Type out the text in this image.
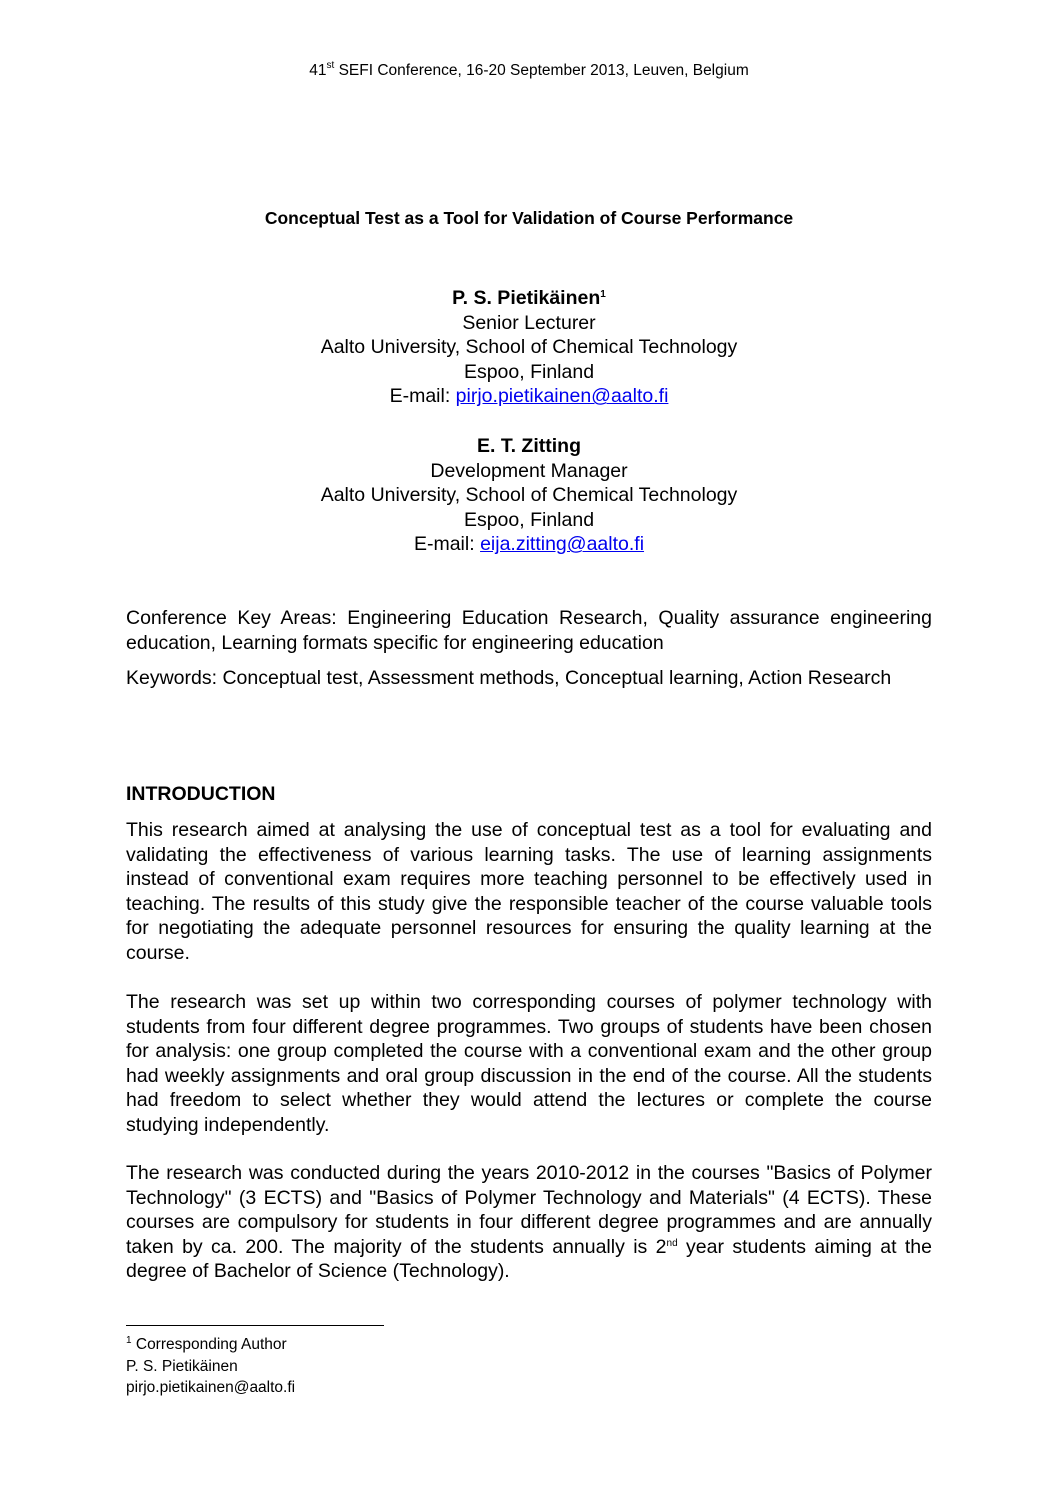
41st SEFI Conference, 16-20 September 2013, Leuven, Belgium
Conceptual Test as a Tool for Validation of Course Performance
P. S. Pietikäinen$^1$
Senior Lecturer
Aalto University, School of Chemical Technology
Espoo, Finland
E-mail: pirjo.pietikainen@aalto.fi
E. T. Zitting
Development Manager
Aalto University, School of Chemical Technology
Espoo, Finland
E-mail: eija.zitting@aalto.fi
Conference Key Areas: Engineering Education Research, Quality assurance engineering education, Learning formats specific for engineering education
Keywords: Conceptual test, Assessment methods, Conceptual learning, Action Research
INTRODUCTION
This research aimed at analysing the use of conceptual test as a tool for evaluating and validating the effectiveness of various learning tasks. The use of learning assignments instead of conventional exam requires more teaching personnel to be effectively used in teaching. The results of this study give the responsible teacher of the course valuable tools for negotiating the adequate personnel resources for ensuring the quality learning at the course.
The research was set up within two corresponding courses of polymer technology with students from four different degree programmes. Two groups of students have been chosen for analysis: one group completed the course with a conventional exam and the other group had weekly assignments and oral group discussion in the end of the course. All the students had freedom to select whether they would attend the lectures or complete the course studying independently.
The research was conducted during the years 2010-2012 in the courses "Basics of Polymer Technology" (3 ECTS) and "Basics of Polymer Technology and Materials" (4 ECTS). These courses are compulsory for students in four different degree programmes and are annually taken by ca. 200. The majority of the students annually is 2nd year students aiming at the degree of Bachelor of Science (Technology).
$^1$ Corresponding Author
P. S. Pietikäinen
pirjo.pietikainen@aalto.fi
